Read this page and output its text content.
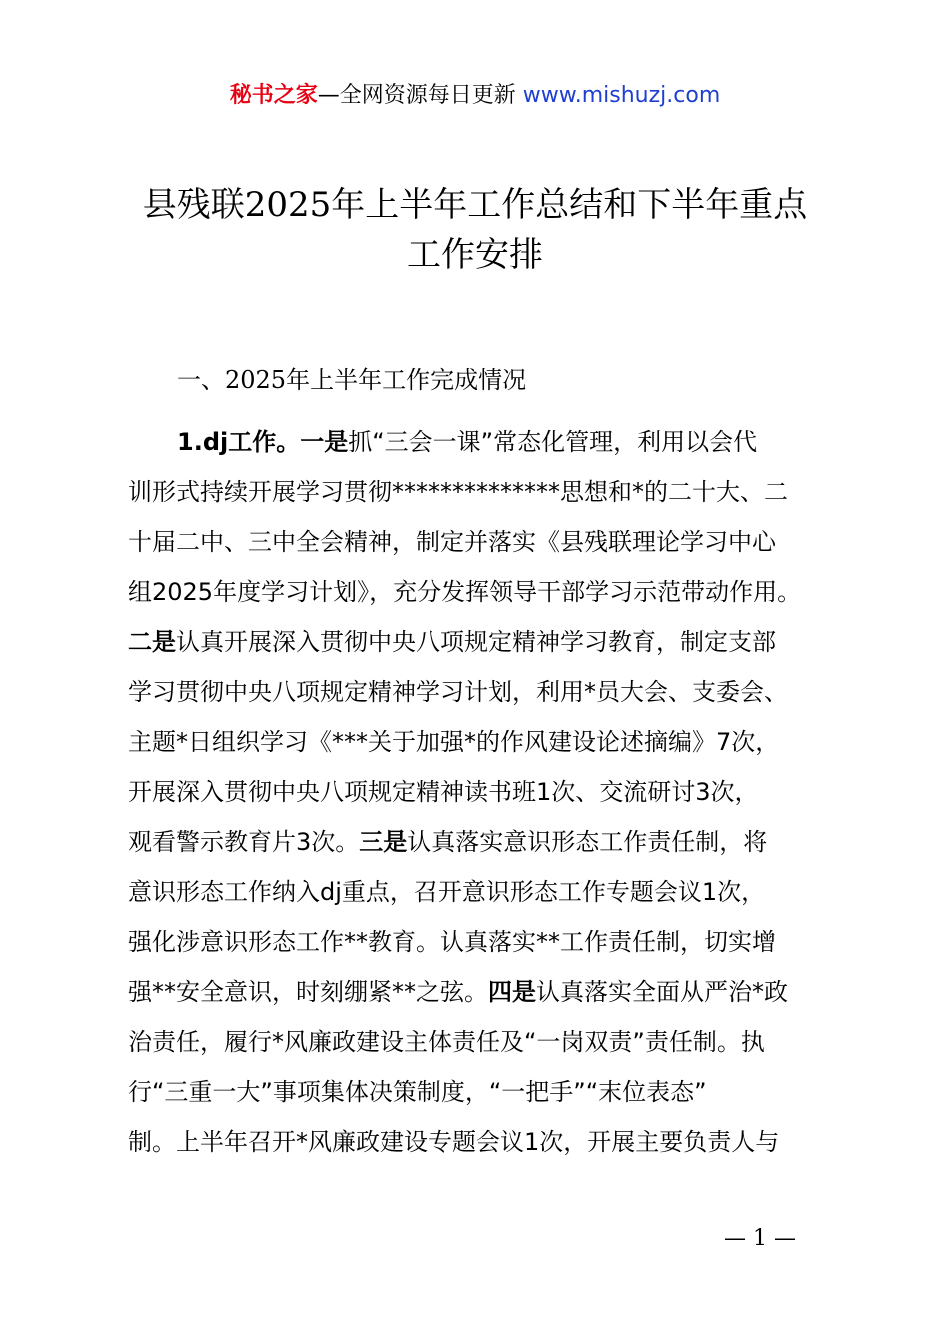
秘书之家—全网资源每日更新 www.mishuzj.com
县残联2025年上半年工作总结和下半年重点
工作安排
一、2025年上半年工作完成情况
1.dj工作。一是抓“三会一课”常态化管理，利用以会代
训形式持续开展学习贯彻**************思想和*的二十大、二
十届二中、三中全会精神，制定并落实《县残联理论学习中心
组2025年度学习计划》，充分发挥领导干部学习示范带动作用。
二是认真开展深入贯彻中央八项规定精神学习教育，制定支部
学习贯彻中央八项规定精神学习计划，利用*员大会、支委会、
主题*日组织学习《***关于加强*的作风建设论述摘编》7次，
开展深入贯彻中央八项规定精神读书班1次、交流研讨3次，
观看警示教育片3次。三是认真落实意识形态工作责任制，将
意识形态工作纳入dj重点，召开意识形态工作专题会议1次，
强化涉意识形态工作**教育。认真落实**工作责任制，切实增
强**安全意识，时刻绷紧**之弦。四是认真落实全面从严治*政
治责任，履行*风廉政建设主体责任及“一岗双责”责任制。执
行“三重一大”事项集体决策制度，“一把手”“末位表态”
制。上半年召开*风廉政建设专题会议1次，开展主要负责人与
— 1 —
